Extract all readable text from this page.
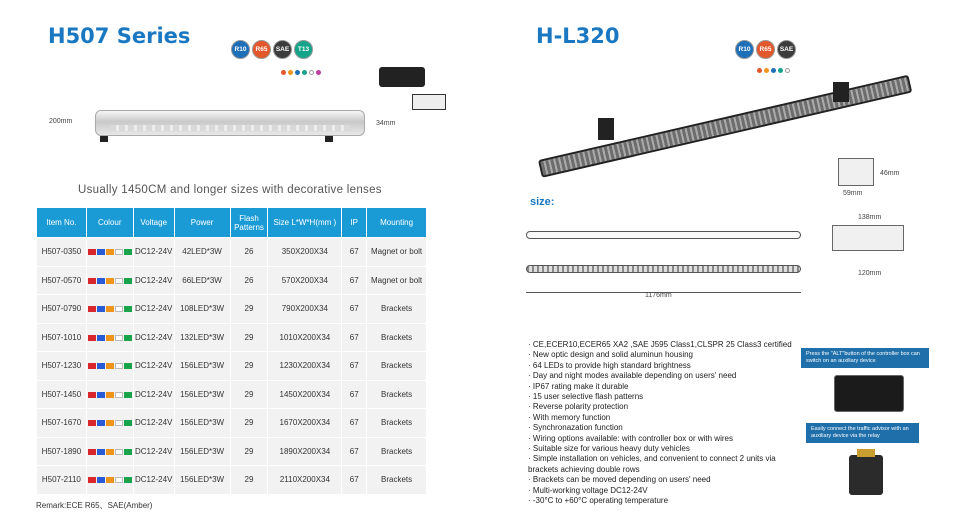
H507 Series
R10	R65	SAE	T13
200mm	34mm
Usually 1450CM and longer sizes with decorative lenses
Item No.	Colour	Voltage	Power	Flash Patterns	Size L*W*H(mm )	IP	Mounting
H507-0350		DC12-24V	42LED*3W	26	350X200X34	67	Magnet or bolt
H507-0570		DC12-24V	66LED*3W	26	570X200X34	67	Magnet or bolt
H507-0790		DC12-24V	108LED*3W	29	790X200X34	67	Brackets
H507-1010		DC12-24V	132LED*3W	29	1010X200X34	67	Brackets
H507-1230		DC12-24V	156LED*3W	29	1230X200X34	67	Brackets
H507-1450		DC12-24V	156LED*3W	29	1450X200X34	67	Brackets
H507-1670		DC12-24V	156LED*3W	29	1670X200X34	67	Brackets
H507-1890		DC12-24V	156LED*3W	29	1890X200X34	67	Brackets
H507-2110		DC12-24V	156LED*3W	29	2110X200X34	67	Brackets
Remark:ECE R65、SAE(Amber)
H-L320
R10	R65	SAE
46mm
59mm
size:
1176mm
138mm
120mm
· CE,ECER10,ECER65 XA2 ,SAE J595 Class1,CLSPR 25 Class3 certified
· New optic design and solid aluminun housing
· 64 LEDs to provide high standard brightness
· Day and night modes available depending on users' need
· IP67 rating make it durable
· 15 user selective flash patterns
· Reverse polarity protection
· With memory function
· Synchronazation function
· Wiring options available: with controller box or with wires
· Suitable size for various heavy duty vehicles
· Simple installation on vehicles, and convenient to connect 2 units via brackets achieving double rows
· Brackets can be moved depending on users' need
· Multi-working voltage DC12-24V
· -30°C to +60°C operating temperature
Press the "ALT"button of the controller box can switch on an auxiliary device
Easily connect the traffic advisor with an auxiliary device via the relay
